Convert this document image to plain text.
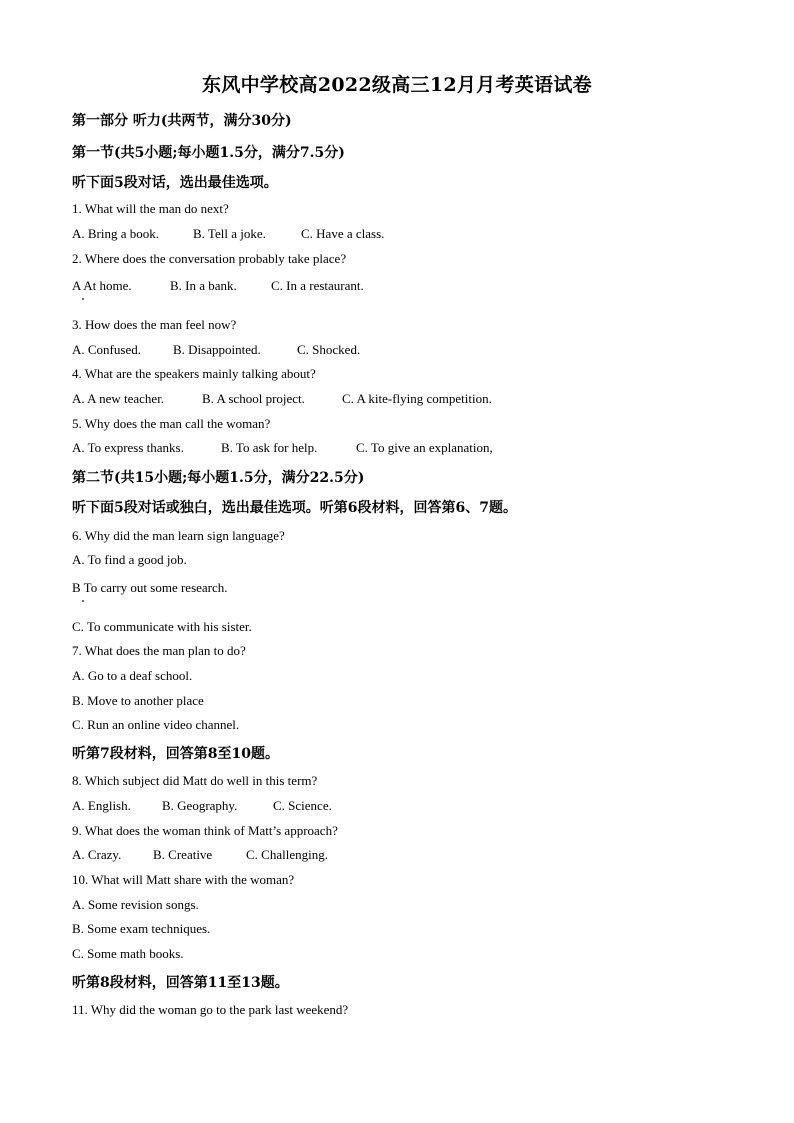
东风中学校高2022级高三12月月考英语试卷
第一部分 听力(共两节，满分30分)
第一节(共5小题;每小题1.5分，满分7.5分)
听下面5段对话，选出最佳选项。
1. What will the man do next?
A. Bring a book.	B. Tell a joke.	C. Have a class.
2. Where does the conversation probably take place?
A At home.	B. In a bank.	C. In a restaurant.
3. How does the man feel now?
A. Confused. B. Disappointed.	C. Shocked.
4. What are the speakers mainly talking about?
A. A new teacher.	B. A school project.	C. A kite-flying competition.
5. Why does the man call the woman?
A. To express thanks.	B. To ask for help.	C. To give an explanation,
第二节(共15小题;每小题1.5分，满分22.5分)
听下面5段对话或独白，选出最佳选项。听第6段材料，回答第6、7题。
6. Why did the man learn sign language?
A. To find a good job.
B To carry out some research.
C. To communicate with his sister.
7. What does the man plan to do?
A. Go to a deaf school.
B. Move to another place
C. Run an online video channel.
听第7段材料，回答第8至10题。
8. Which subject did Matt do well in this term?
A. English. B. Geography.	C. Science.
9. What does the woman think of Matt’s approach?
A. Crazy. B. Creative	C. Challenging.
10. What will Matt share with the woman?
A. Some revision songs.
B. Some exam techniques.
C. Some math books.
听第8段材料，回答第11至13题。
11. Why did the woman go to the park last weekend?
